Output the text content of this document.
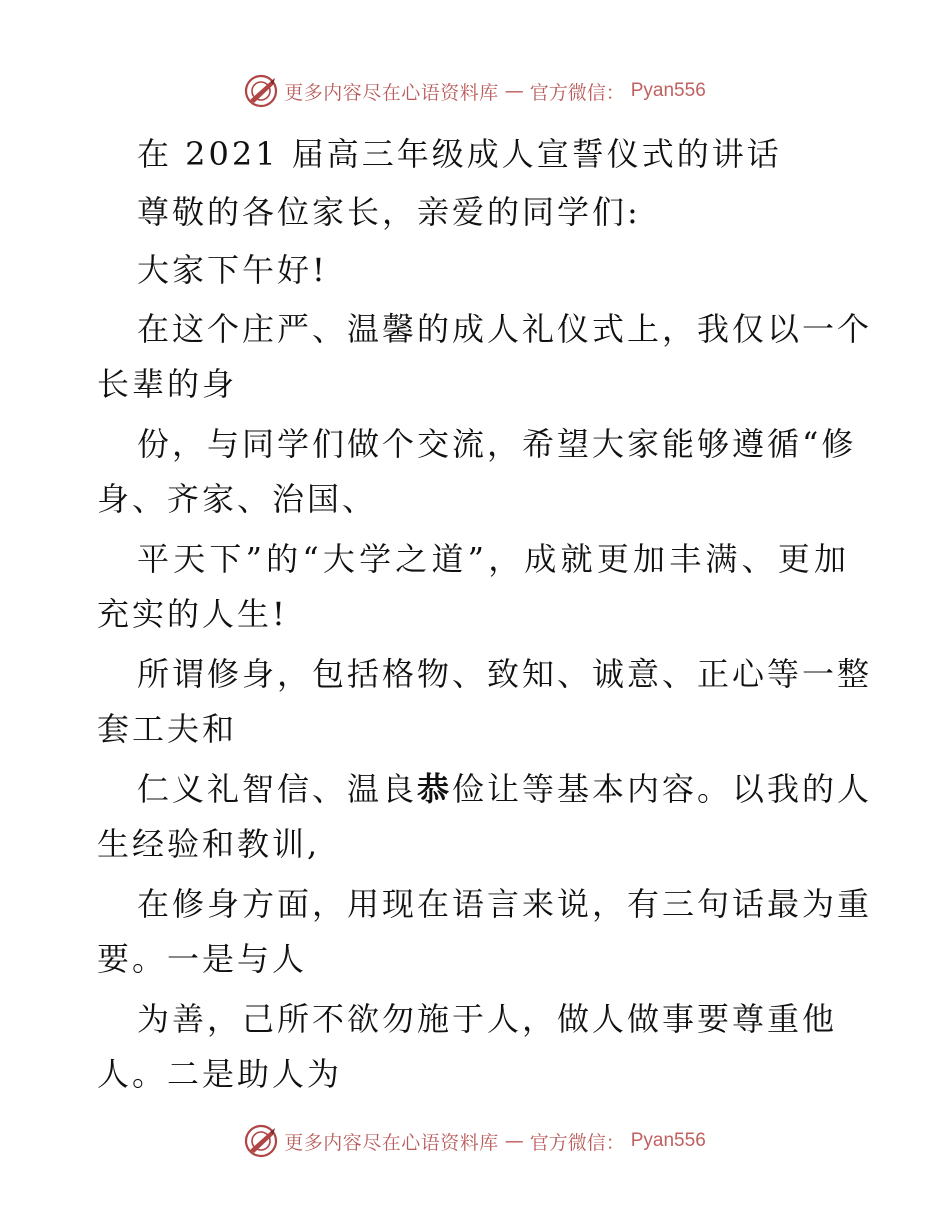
更多内容尽在心语资料库 — 官方微信： Pyan556
在 2021 届高三年级成人宣誓仪式的讲话
尊敬的各位家长，亲爱的同学们:
大家下午好!
在这个庄严、温馨的成人礼仪式上，我仅以一个
长辈的身
份，与同学们做个交流，希望大家能够遵循“修
身、齐家、治国、
平天下”的“大学之道”，成就更加丰满、更加
充实的人生!
所谓修身，包括格物、致知、诚意、正心等一整
套工夫和
仁义礼智信、温良恭俭让等基本内容。以我的人
生经验和教训,
在修身方面，用现在语言来说，有三句话最为重
要。一是与人
为善，己所不欲勿施于人，做人做事要尊重他
人。二是助人为
更多内容尽在心语资料库 — 官方微信： Pyan556
